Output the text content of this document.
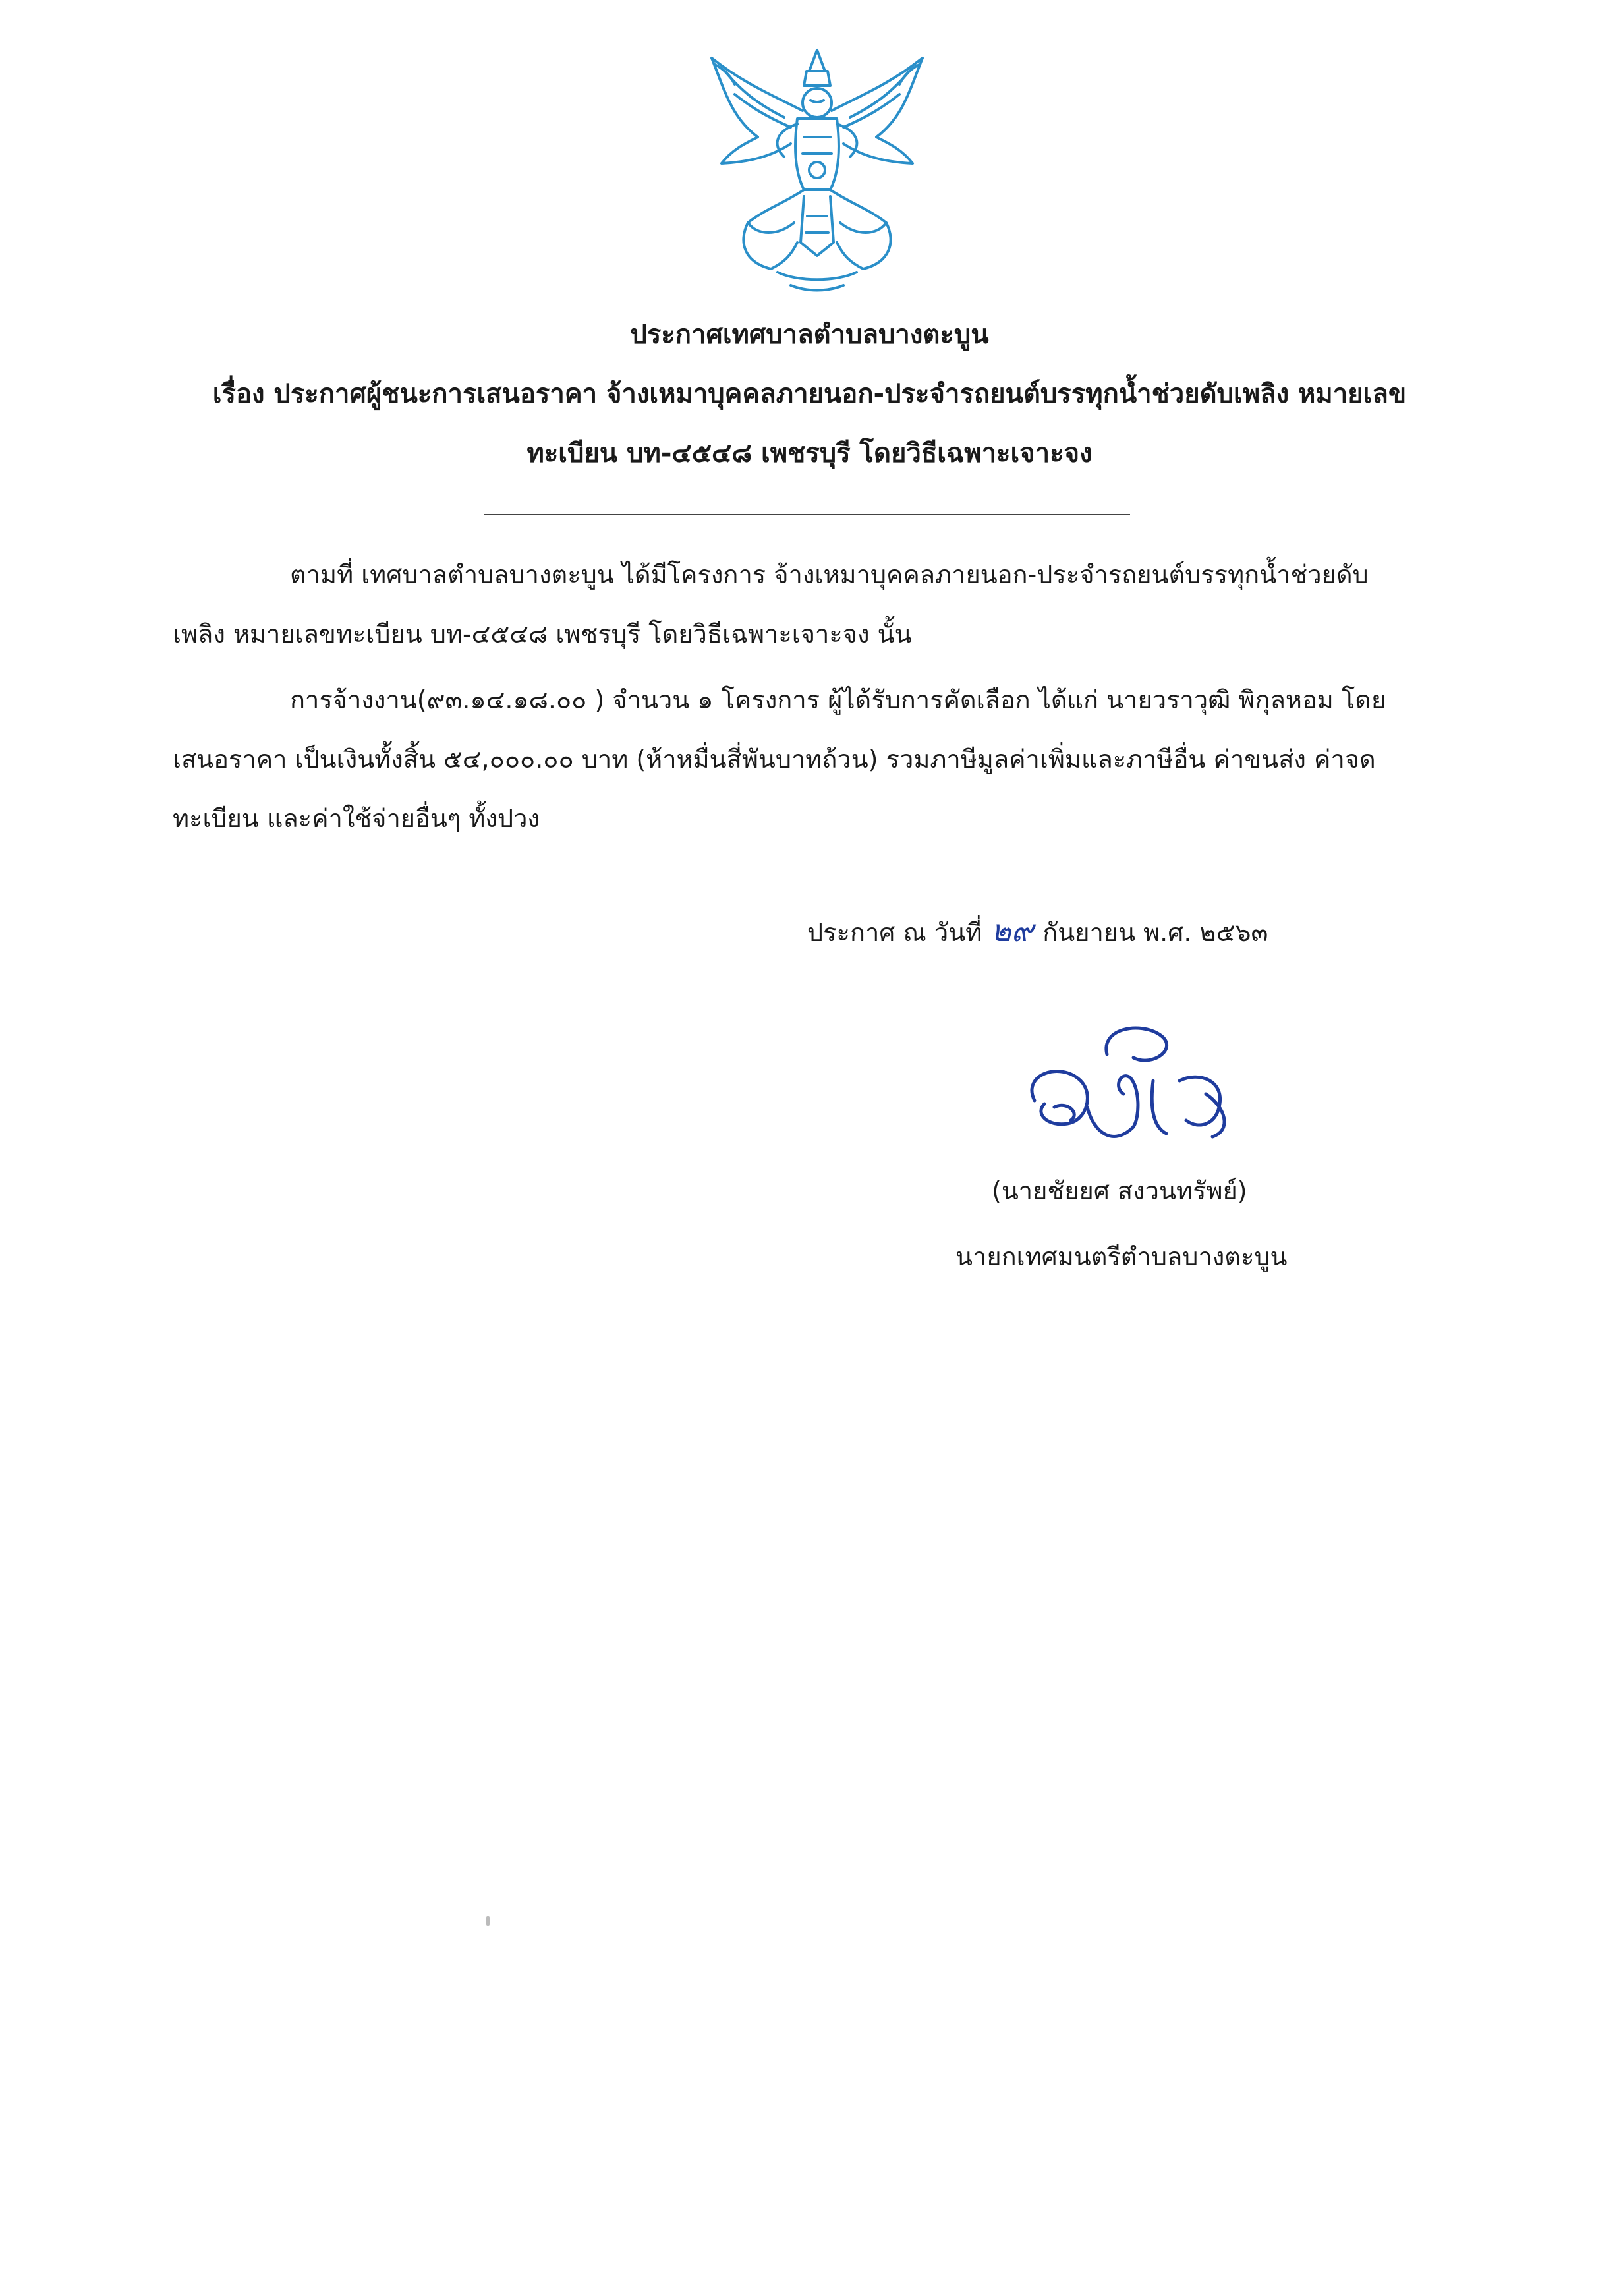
ประกาศเทศบาลตำบลบางตะบูน
เรื่อง ประกาศผู้ชนะการเสนอราคา จ้างเหมาบุคคลภายนอก-ประจำรถยนต์บรรทุกน้ำช่วยดับเพลิง หมายเลข
ทะเบียน บท-๔๕๔๘ เพชรบุรี โดยวิธีเฉพาะเจาะจง
ตามที่ เทศบาลตำบลบางตะบูน ได้มีโครงการ จ้างเหมาบุคคลภายนอก-ประจำรถยนต์บรรทุกน้ำช่วยดับ
เพลิง หมายเลขทะเบียน บท-๔๕๔๘ เพชรบุรี โดยวิธีเฉพาะเจาะจง นั้น
การจ้างงาน(๙๓.๑๔.๑๘.๐๐ ) จำนวน ๑ โครงการ ผู้ได้รับการคัดเลือก ได้แก่ นายวราวุฒิ พิกุลหอม โดย
เสนอราคา เป็นเงินทั้งสิ้น ๕๔,๐๐๐.๐๐ บาท (ห้าหมื่นสี่พันบาทถ้วน) รวมภาษีมูลค่าเพิ่มและภาษีอื่น ค่าขนส่ง ค่าจด
ทะเบียน และค่าใช้จ่ายอื่นๆ ทั้งปวง
ประกาศ ณ วันที่ ๒๙ กันยายน พ.ศ. ๒๕๖๓
(นายชัยยศ สงวนทรัพย์)
นายกเทศมนตรีตำบลบางตะบูน
